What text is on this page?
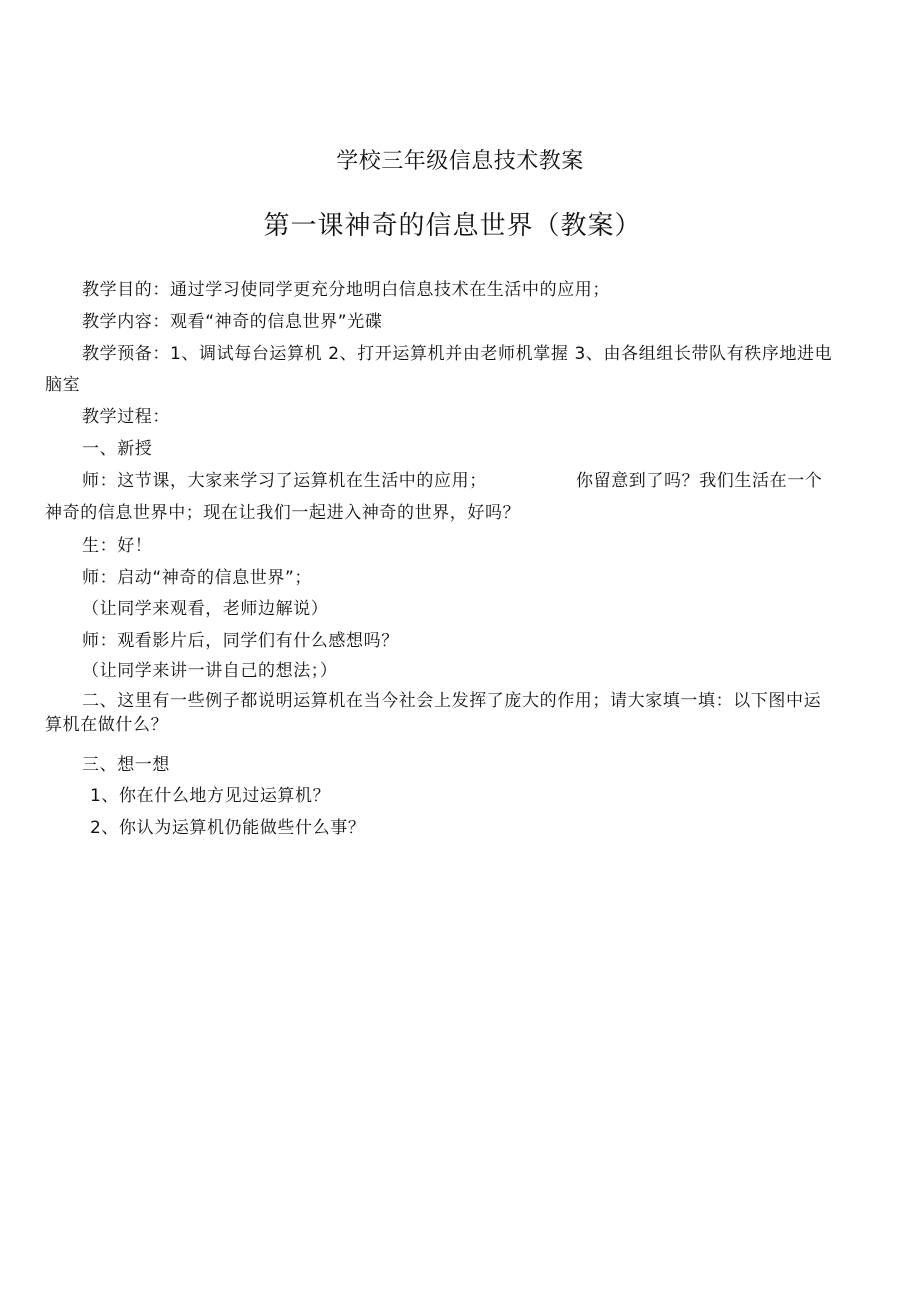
学校三年级信息技术教案
第一课神奇的信息世界（教案）
教学目的：通过学习使同学更充分地明白信息技术在生活中的应用；
教学内容：观看“神奇的信息世界”光碟
教学预备：1、调试每台运算机 2、打开运算机并由老师机掌握 3、由各组组长带队有秩序地进电
脑室
教学过程：
一、新授
师：这节课，大家来学习了运算机在生活中的应用；	你留意到了吗？我们生活在一个
神奇的信息世界中；现在让我们一起进入神奇的世界，好吗？
生：好！
师：启动“神奇的信息世界”；
（让同学来观看，老师边解说）
师：观看影片后，同学们有什么感想吗？
（让同学来讲一讲自己的想法；）
二、这里有一些例子都说明运算机在当今社会上发挥了庞大的作用；请大家填一填：以下图中运
算机在做什么？
三、想一想
1、你在什么地方见过运算机？
2、你认为运算机仍能做些什么事？
